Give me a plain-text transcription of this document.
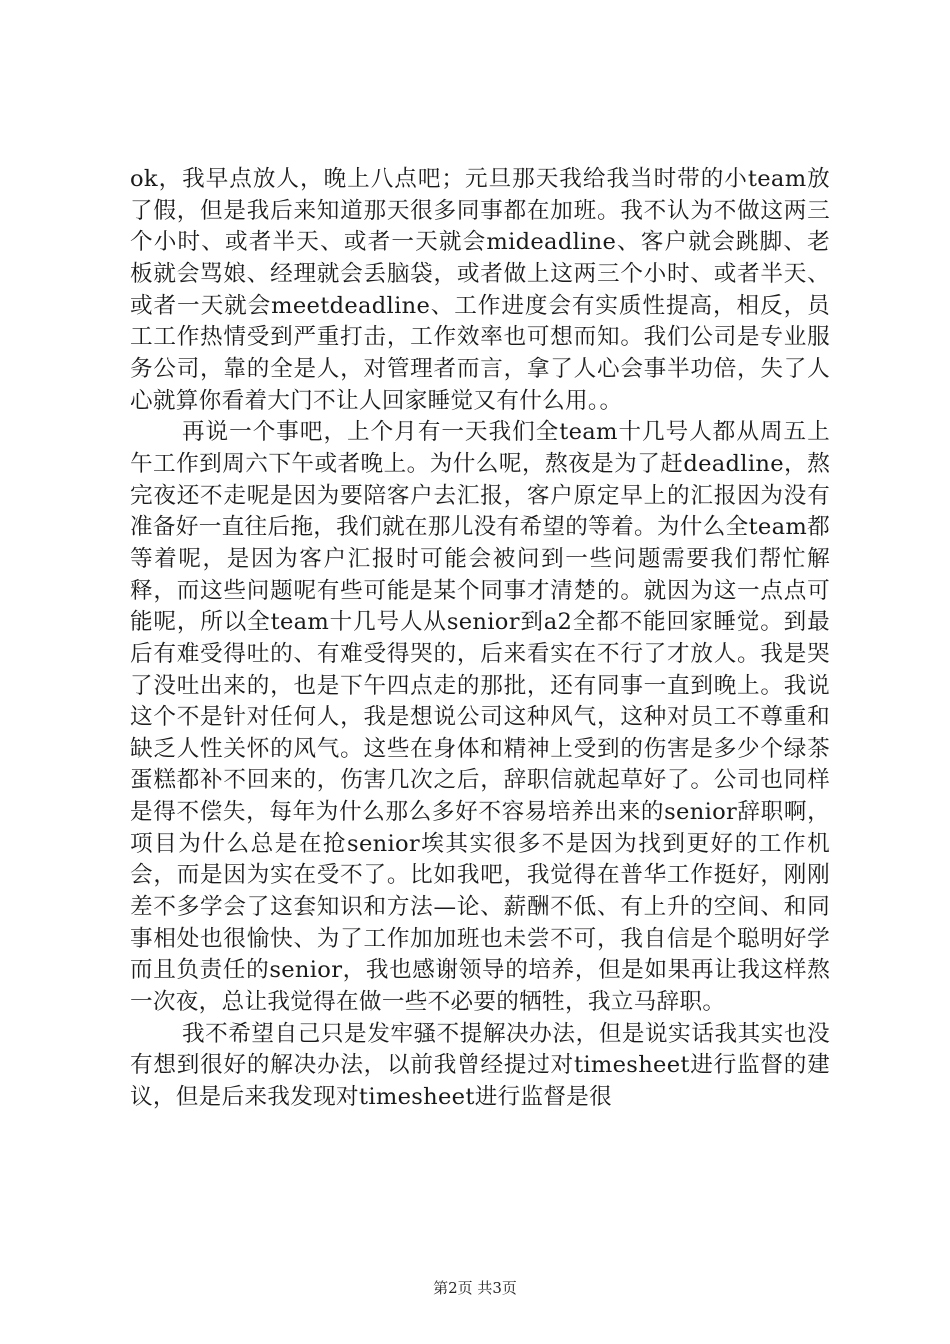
ok，我早点放人，晚上八点吧；元旦那天我给我当时带的小team放了假，但是我后来知道那天很多同事都在加班。我不认为不做这两三个小时、或者半天、或者一天就会mideadline、客户就会跳脚、老板就会骂娘、经理就会丢脑袋，或者做上这两三个小时、或者半天、或者一天就会meetdeadline、工作进度会有实质性提高，相反，员工工作热情受到严重打击，工作效率也可想而知。我们公司是专业服务公司，靠的全是人，对管理者而言，拿了人心会事半功倍，失了人心就算你看着大门不让人回家睡觉又有什么用。。

再说一个事吧，上个月有一天我们全team十几号人都从周五上午工作到周六下午或者晚上。为什么呢，熬夜是为了赶deadline，熬完夜还不走呢是因为要陪客户去汇报，客户原定早上的汇报因为没有准备好一直往后拖，我们就在那儿没有希望的等着。为什么全team都等着呢，是因为客户汇报时可能会被问到一些问题需要我们帮忙解释，而这些问题呢有些可能是某个同事才清楚的。就因为这一点点可能呢，所以全team十几号人从senior到a2全都不能回家睡觉。到最后有难受得吐的、有难受得哭的，后来看实在不行了才放人。我是哭了没吐出来的，也是下午四点走的那批，还有同事一直到晚上。我说这个不是针对任何人，我是想说公司这种风气，这种对员工不尊重和缺乏人性关怀的风气。这些在身体和精神上受到的伤害是多少个绿茶蛋糕都补不回来的，伤害几次之后，辞职信就起草好了。公司也同样是得不偿失，每年为什么那么多好不容易培养出来的senior辞职啊，项目为什么总是在抢senior埃其实很多不是因为找到更好的工作机会，而是因为实在受不了。比如我吧，我觉得在普华工作挺好，刚刚差不多学会了这套知识和方法—论、薪酬不低、有上升的空间、和同事相处也很愉快、为了工作加加班也未尝不可，我自信是个聪明好学而且负责任的senior，我也感谢领导的培养，但是如果再让我这样熬一次夜，总让我觉得在做一些不必要的牺牲，我立马辞职。

我不希望自己只是发牢骚不提解决办法，但是说实话我其实也没有想到很好的解决办法，以前我曾经提过对timesheet进行监督的建议，但是后来我发现对timesheet进行监督是很

第2页 共3页
